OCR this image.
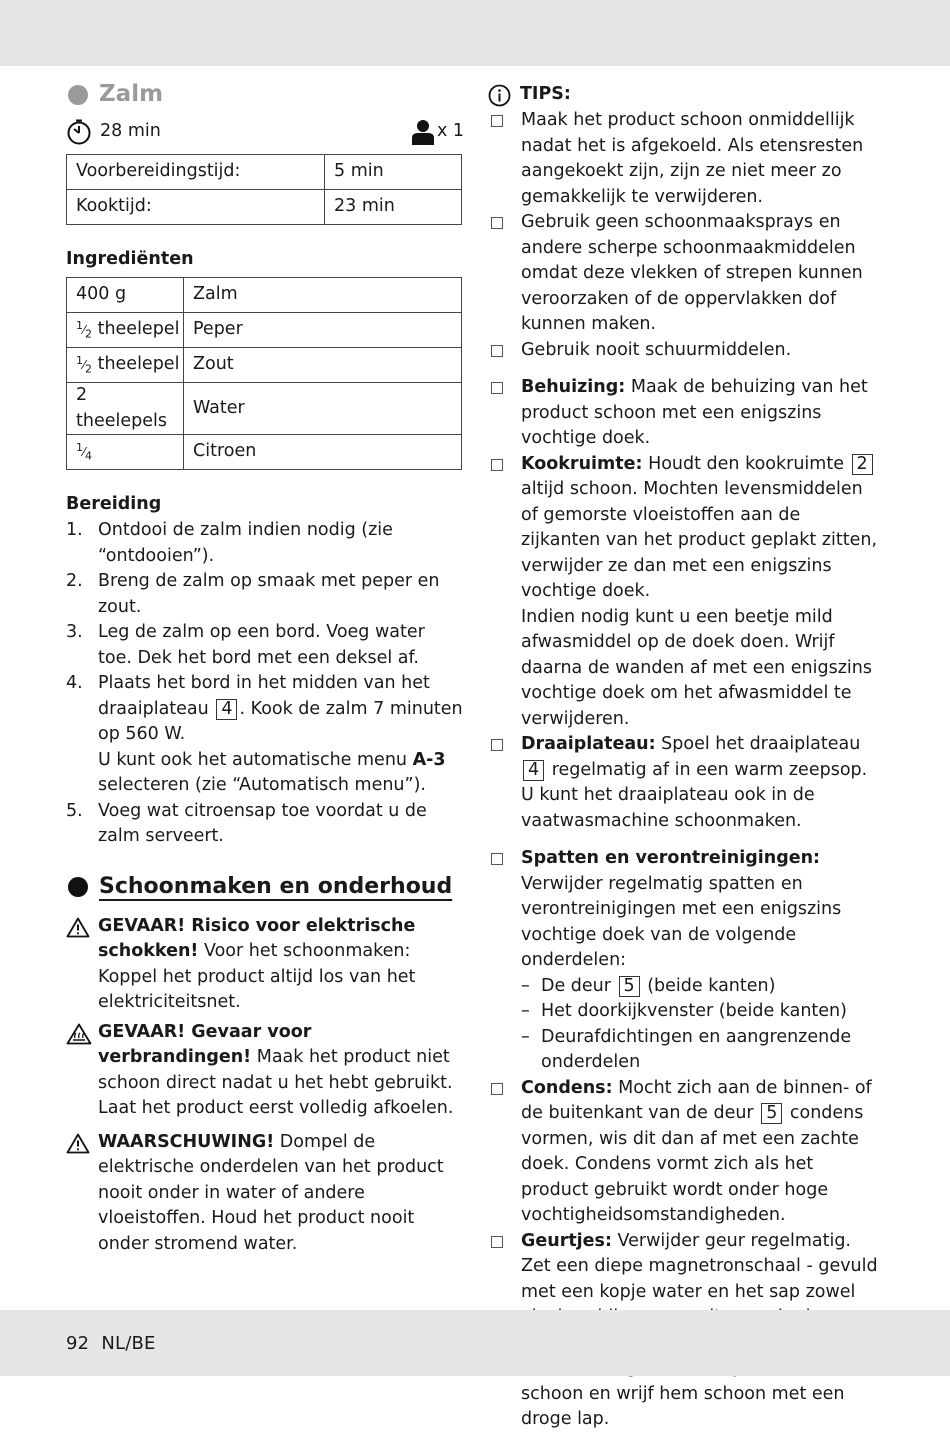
Zalm
28 min	x 1
Voorbereidingstijd:	5 min
Kooktijd:	23 min
Ingrediënten
400 g	Zalm
$^1⁄_2$ theelepel	Peper
$^1⁄_2$ theelepel	Zout
2 theelepels	Water
$^1⁄_4$	Citroen
Bereiding
1. Ontdooi de zalm indien nodig (zie “ontdooien”).
2. Breng de zalm op smaak met peper en zout.
3. Leg de zalm op een bord. Voeg water toe. Dek het bord met een deksel af.
4. Plaats het bord in het midden van het draaiplateau 4 . Kook de zalm 7 minuten op 560 W.
U kunt ook het automatische menu A-3 selecteren (zie “Automatisch menu”).
5. Voeg wat citroensap toe voordat u de zalm serveert.
Schoonmaken en onderhoud

GEVAAR! Risico voor elektrische schokken! Voor het schoonmaken: Koppel het product altijd los van het elektriciteitsnet.

GEVAAR! Gevaar voor verbrandingen! Maak het product niet schoon direct nadat u het hebt gebruikt. Laat het product eerst volledig afkoelen.

WAARSCHUWING! Dompel de elektrische onderdelen van het product nooit onder in water of andere vloeistoffen. Houd het product nooit onder stromend water.

TIPS:

Maak het product schoon onmiddellijk nadat het is afgekoeld. Als etensresten aangekoekt zijn, zijn ze niet meer zo gemakkelijk te verwijderen.

Gebruik geen schoonmaaksprays en andere scherpe schoonmaakmiddelen omdat deze vlekken of strepen kunnen veroorzaken of de oppervlakken dof kunnen maken.

Gebruik nooit schuurmiddelen.

Behuizing: Maak de behuizing van het product schoon met een enigszins vochtige doek.

Kookruimte: Houdt den kookruimte 2 altijd schoon. Mochten levensmiddelen of gemorste vloeistoffen aan de zijkanten van het product geplakt zitten, verwijder ze dan met een enigszins vochtige doek.
Indien nodig kunt u een beetje mild afwasmiddel op de doek doen. Wrijf daarna de wanden af met een enigszins vochtige doek om het afwasmiddel te verwijderen.

Draaiplateau: Spoel het draaiplateau 4 regelmatig af in een warm zeepsop. U kunt het draaiplateau ook in de vaatwasmachine schoonmaken.

Spatten en verontreinigingen:
Verwijder regelmatig spatten en verontreinigingen met een enigszins vochtige doek van de volgende onderdelen:
– De deur 5 (beide kanten)
– Het doorkijkvenster (beide kanten)
– Deurafdichtingen en aangrenzende onderdelen

Condens: Mocht zich aan de binnen- of de buitenkant van de deur 5 condens vormen, wis dit dan af met een zachte doek. Condens vormt zich als het product gebruikt wordt onder hoge vochtigheidsomstandigheden.

Geurtjes: Verwijder geur regelmatig. Zet een diepe magnetronschaal - gevuld met een kopje water en het sap zowel  schoon en wrijf hem schoon met een droge lap.

92 NL/BE
